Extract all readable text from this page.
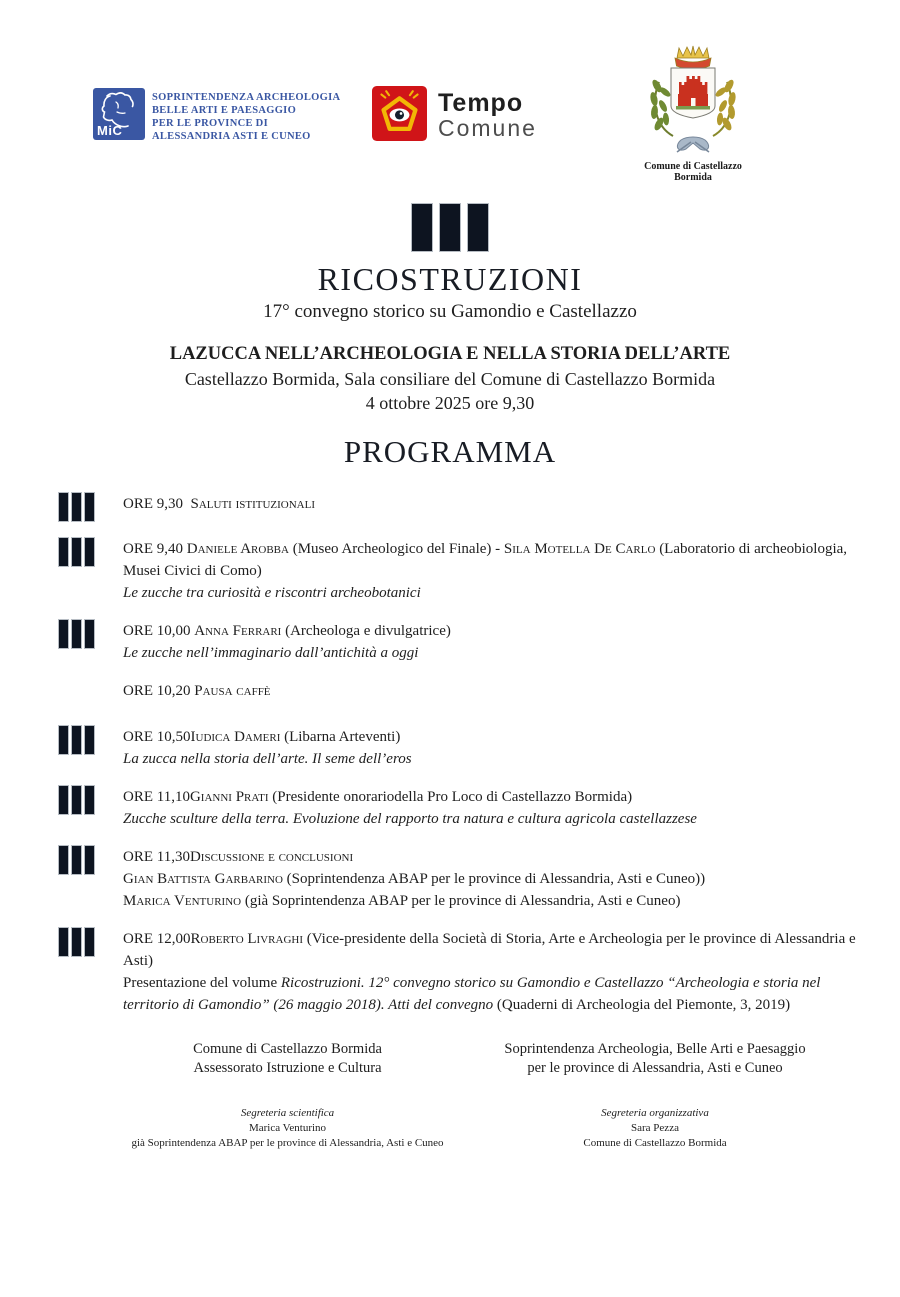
MiC
SOPRINTENDENZA ARCHEOLOGIA
BELLE ARTI E PAESAGGIO
PER LE PROVINCE DI
ALESSANDRIA ASTI E CUNEO
Tempo
Comune
Comune di Castellazzo Bormida
RICOSTRUZIONI
17° convegno storico su Gamondio e Castellazzo
LAZUCCA NELL’ARCHEOLOGIA E NELLA STORIA DELL’ARTE
Castellazzo Bormida, Sala consiliare del Comune di Castellazzo Bormida
4 ottobre 2025 ore 9,30
PROGRAMMA
ORE 9,30  Saluti istituzionali
ORE 9,40 Daniele Arobba (Museo Archeologico del Finale) - Sila Motella De Carlo (Laboratorio di archeobiologia, Musei Civici di Como)
Le zucche tra curiosità e riscontri archeobotanici
ORE 10,00 Anna Ferrari (Archeologa e divulgatrice)
Le zucche nell’immaginario dall’antichità a oggi
ORE 10,20 Pausa caffè
ORE 10,50Iudica Dameri (Libarna Arteventi)
La zucca nella storia dell’arte. Il seme dell’eros
ORE 11,10Gianni Prati (Presidente onorariodella Pro Loco di Castellazzo Bormida)
Zucche sculture della terra. Evoluzione del rapporto tra natura e cultura agricola castellazzese
ORE 11,30Discussione e conclusioni
Gian Battista Garbarino (Soprintendenza ABAP per le province di Alessandria, Asti e Cuneo))
Marica Venturino (già Soprintendenza ABAP per le province di Alessandria, Asti e Cuneo)
ORE 12,00Roberto Livraghi (Vice-presidente della Società di Storia, Arte e Archeologia per le province di Alessandria e Asti)
Presentazione del volume Ricostruzioni. 12° convegno storico su Gamondio e Castellazzo “Archeologia e storia nel territorio di Gamondio” (26 maggio 2018). Atti del convegno (Quaderni di Archeologia del Piemonte, 3, 2019)
Comune di Castellazzo Bormida
Assessorato Istruzione e Cultura
Soprintendenza Archeologia, Belle Arti e Paesaggio
per le province di Alessandria, Asti e Cuneo
Segreteria scientifica
Marica Venturino
già Soprintendenza ABAP per le province di Alessandria, Asti e Cuneo
Segreteria organizzativa
Sara Pezza
Comune di Castellazzo Bormida
